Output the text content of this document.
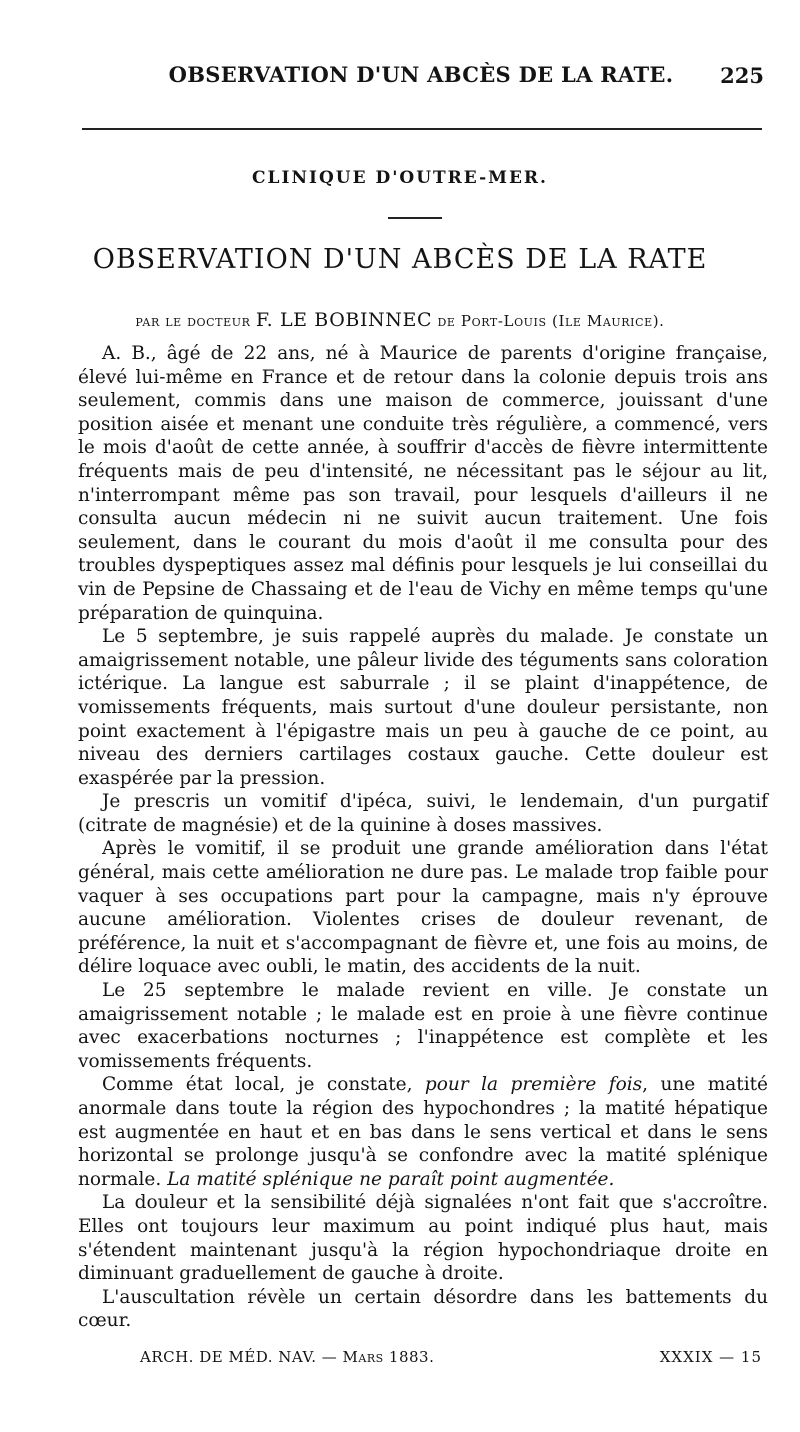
OBSERVATION D'UN ABCÈS DE LA RATE.	225
CLINIQUE D'OUTRE-MER.
OBSERVATION D'UN ABCÈS DE LA RATE
par le docteur F. LE BOBINNEC de Port-Louis (Ile Maurice).

A. B., âgé de 22 ans, né à Maurice de parents d'origine française, élevé lui-même en France et de retour dans la colonie depuis trois ans seulement, commis dans une maison de commerce, jouissant d'une position aisée et menant une conduite très régulière, a commencé, vers le mois d'août de cette année, à souffrir d'accès de fièvre intermittente fréquents mais de peu d'intensité, ne nécessitant pas le séjour au lit, n'interrompant même pas son travail, pour lesquels d'ailleurs il ne consulta aucun médecin ni ne suivit aucun traitement. Une fois seulement, dans le courant du mois d'août il me consulta pour des troubles dyspeptiques assez mal définis pour lesquels je lui conseillai du vin de Pepsine de Chassaing et de l'eau de Vichy en même temps qu'une préparation de quinquina.

Le 5 septembre, je suis rappelé auprès du malade. Je constate un amaigrissement notable, une pâleur livide des téguments sans coloration ictérique. La langue est saburrale ; il se plaint d'inappétence, de vomissements fréquents, mais surtout d'une douleur persistante, non point exactement à l'épigastre mais un peu à gauche de ce point, au niveau des derniers cartilages costaux gauche. Cette douleur est exaspérée par la pression.

Je prescris un vomitif d'ipéca, suivi, le lendemain, d'un purgatif (citrate de magnésie) et de la quinine à doses massives.

Après le vomitif, il se produit une grande amélioration dans l'état général, mais cette amélioration ne dure pas. Le malade trop faible pour vaquer à ses occupations part pour la campagne, mais n'y éprouve aucune amélioration. Violentes crises de douleur revenant, de préférence, la nuit et s'accompagnant de fièvre et, une fois au moins, de délire loquace avec oubli, le matin, des accidents de la nuit.

Le 25 septembre le malade revient en ville. Je constate un amaigrissement notable ; le malade est en proie à une fièvre continue avec exacerbations nocturnes ; l'inappétence est complète et les vomissements fréquents.

Comme état local, je constate, pour la première fois, une matité anormale dans toute la région des hypochondres ; la matité hépatique est augmentée en haut et en bas dans le sens vertical et dans le sens horizontal se prolonge jusqu'à se confondre avec la matité splénique normale. La matité splénique ne paraît point augmentée.

La douleur et la sensibilité déjà signalées n'ont fait que s'accroître. Elles ont toujours leur maximum au point indiqué plus haut, mais s'étendent maintenant jusqu'à la région hypochondriaque droite en diminuant graduellement de gauche à droite.

L'auscultation révèle un certain désordre dans les battements du cœur.

ARCH. DE MÉD. NAV. — Mars 1883.	XXXIX — 15
